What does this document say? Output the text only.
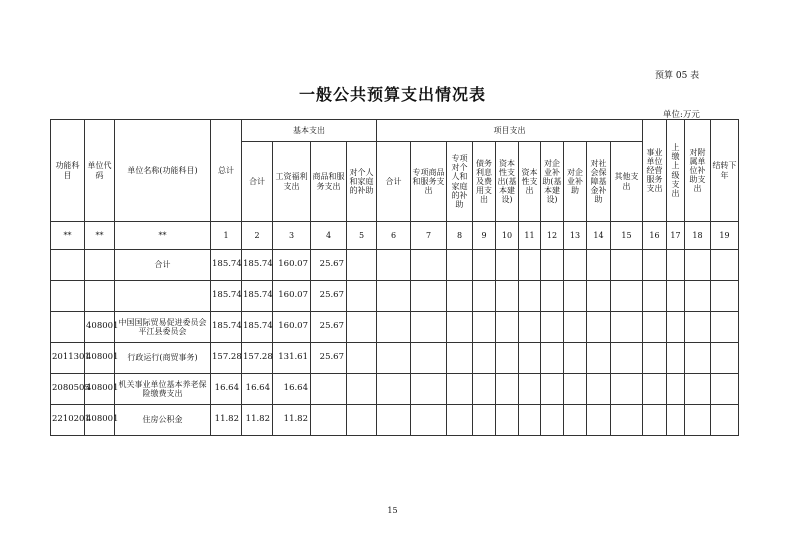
预算 05 表
一般公共预算支出情况表
单位:万元
功能科目	单位代码	单位名称(功能科目)	总计	基本支出				项目支出										事业单位经营服务支出	上缴上级支出	对附属单位补助支出	结转下年
				合计	工资福利支出	商品和服务支出	对个人和家庭的补助	合计	专项商品和服务支出	专项对个人和家庭的补助	债务利息及费用支出	资本性支出(基本建设)	资本性支出	对企业补助(基本建设)	对企业补助	对社会保障基金补助	其他支出				
**	**	**	1	2	3	4	5	6	7	8	9	10	11	12	13	14	15	16	17	18	19
		合计	185.74	185.74	160.07	25.67															
			185.74	185.74	160.07	25.67															
	408001	中国国际贸易促进委员会平江县委员会	185.74	185.74	160.07	25.67															
2011301	408001	行政运行(商贸事务)	157.28	157.28	131.61	25.67															
2080505	408001	机关事业单位基本养老保险缴费支出	16.64	16.64	16.64																
2210201	408001	住房公积金	11.82	11.82	11.82																
15
